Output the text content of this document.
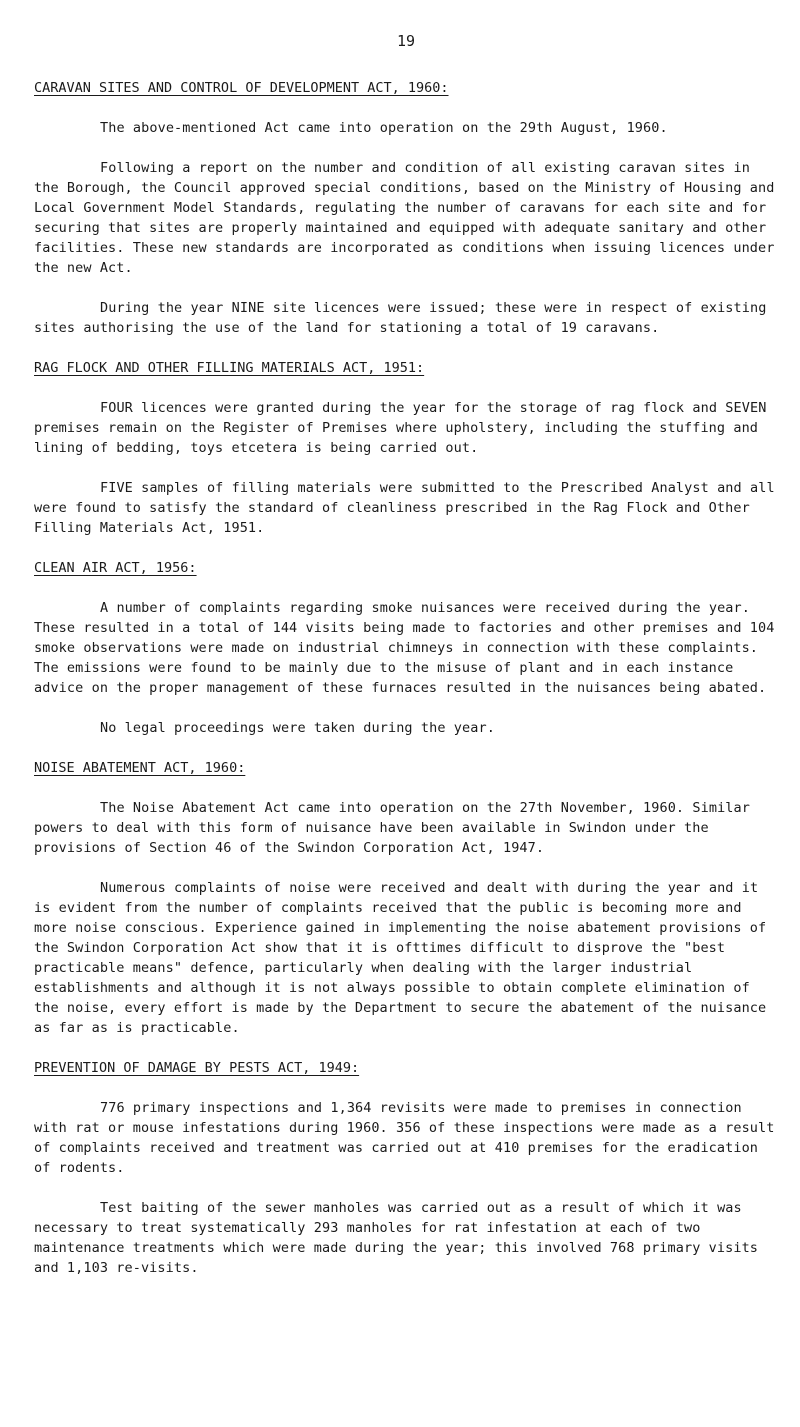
19
CARAVAN SITES AND CONTROL OF DEVELOPMENT ACT, 1960:

The above-mentioned Act came into operation on the 29th August, 1960.

Following a report on the number and condition of all existing caravan sites in the Borough, the Council approved special conditions, based on the Ministry of Housing and Local Government Model Standards, regulating the number of caravans for each site and for securing that sites are properly maintained and equipped with adequate sanitary and other facilities. These new standards are incorporated as conditions when issuing licences under the new Act.

During the year NINE site licences were issued; these were in respect of existing sites authorising the use of the land for stationing a total of 19 caravans.

RAG FLOCK AND OTHER FILLING MATERIALS ACT, 1951:

FOUR licences were granted during the year for the storage of rag flock and SEVEN premises remain on the Register of Premises where upholstery, including the stuffing and lining of bedding, toys etcetera is being carried out.

FIVE samples of filling materials were submitted to the Prescribed Analyst and all were found to satisfy the standard of cleanliness prescribed in the Rag Flock and Other Filling Materials Act, 1951.

CLEAN AIR ACT, 1956:

A number of complaints regarding smoke nuisances were received during the year. These resulted in a total of 144 visits being made to factories and other premises and 104 smoke observations were made on industrial chimneys in connection with these complaints. The emissions were found to be mainly due to the misuse of plant and in each instance advice on the proper management of these furnaces resulted in the nuisances being abated.

No legal proceedings were taken during the year.

NOISE ABATEMENT ACT, 1960:

The Noise Abatement Act came into operation on the 27th November, 1960. Similar powers to deal with this form of nuisance have been available in Swindon under the provisions of Section 46 of the Swindon Corporation Act, 1947.

Numerous complaints of noise were received and dealt with during the year and it is evident from the number of complaints received that the public is becoming more and more noise conscious. Experience gained in implementing the noise abatement provisions of the Swindon Corporation Act show that it is ofttimes difficult to disprove the "best practicable means" defence, particularly when dealing with the larger industrial establishments and although it is not always possible to obtain complete elimination of the noise, every effort is made by the Department to secure the abatement of the nuisance as far as is practicable.

PREVENTION OF DAMAGE BY PESTS ACT, 1949:

776 primary inspections and 1,364 revisits were made to premises in connection with rat or mouse infestations during 1960. 356 of these inspections were made as a result of complaints received and treatment was carried out at 410 premises for the eradication of rodents.

Test baiting of the sewer manholes was carried out as a result of which it was necessary to treat systematically 293 manholes for rat infestation at each of two maintenance treatments which were made during the year; this involved 768 primary visits and 1,103 re-visits.
